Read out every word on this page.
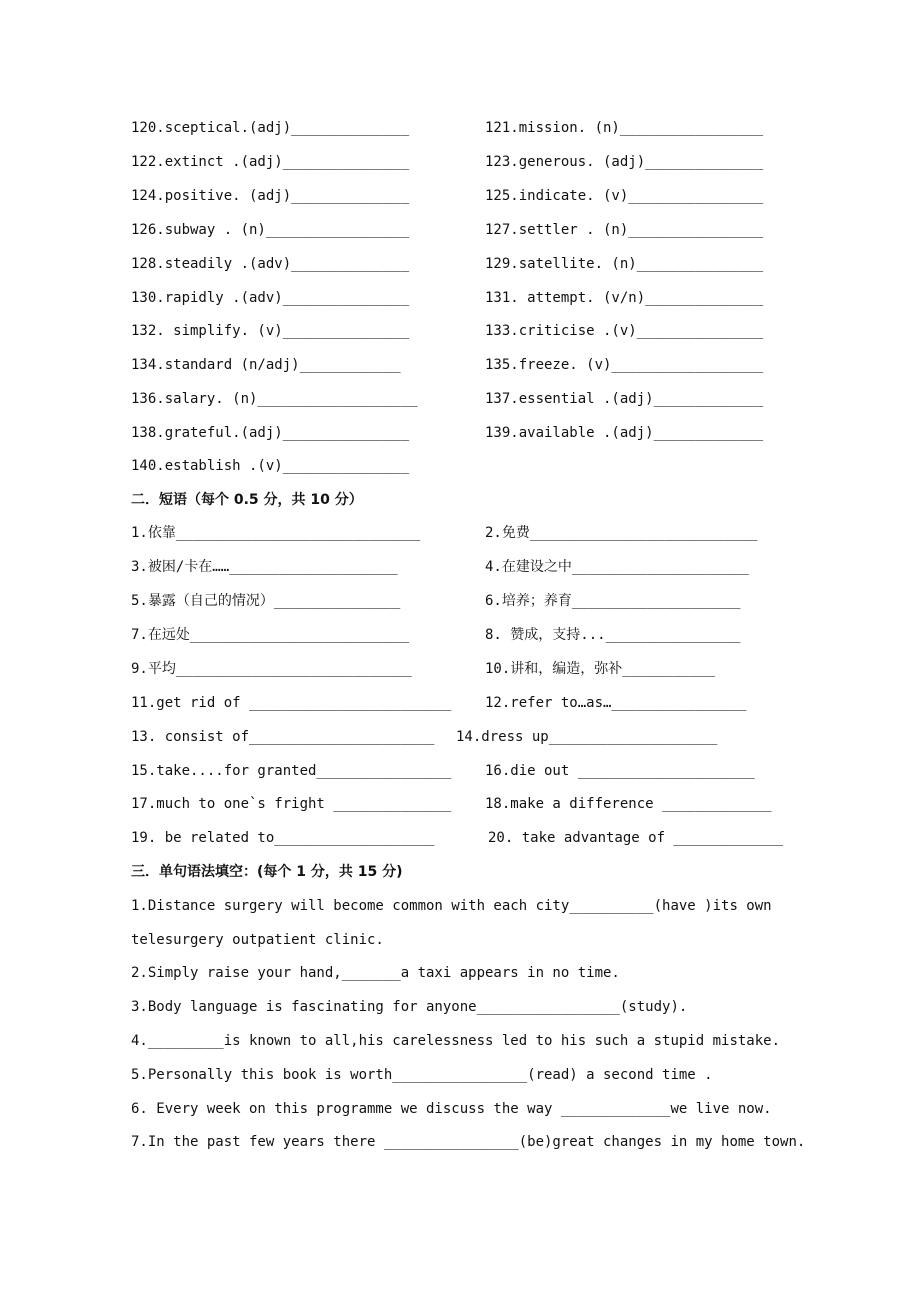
120.sceptical.(adj)______________	121.mission. (n)_________________
122.extinct .(adj)_______________	123.generous. (adj)______________
124.positive. (adj)______________	125.indicate. (v)________________
126.subway . (n)_________________	127.settler . (n)________________
128.steadily .(adv)______________	129.satellite. (n)_______________
130.rapidly .(adv)_______________	131. attempt. (v/n)______________
132. simplify. (v)_______________	133.criticise .(v)_______________
134.standard (n/adj)____________	135.freeze. (v)__________________
136.salary. (n)___________________	137.essential .(adj)_____________
138.grateful.(adj)_______________	139.available .(adj)_____________
140.establish .(v)_______________
二．短语（每个 0.5 分，共 10 分）
1.依靠_____________________________	2.免费___________________________
3.被困/卡在……____________________	4.在建设之中_____________________
5.暴露（自己的情况）_______________	6.培养；养育____________________
7.在远处__________________________	8. 赞成，支持...________________
9.平均____________________________	10.讲和，编造，弥补___________
11.get rid of ________________________ 12.refer to…as…________________
13. consist of______________________ 14.dress up____________________
15.take....for granted________________ 16.die out _____________________
17.much to one`s fright ______________ 18.make a difference _____________
19. be related to___________________	20. take advantage of _____________
三．单句语法填空：(每个 1 分，共 15 分)
1.Distance surgery will become common with each city__________(have )its own
telesurgery outpatient clinic.
2.Simply raise your hand,_______a taxi appears in no time.
3.Body language is fascinating for anyone_________________(study).
4._________is known to all,his carelessness led to his such a stupid mistake.
5.Personally this book is worth________________(read) a second time .
6. Every week on this programme we discuss the way _____________we live now.
7.In the past few years there ________________(be)great changes in my home town.
